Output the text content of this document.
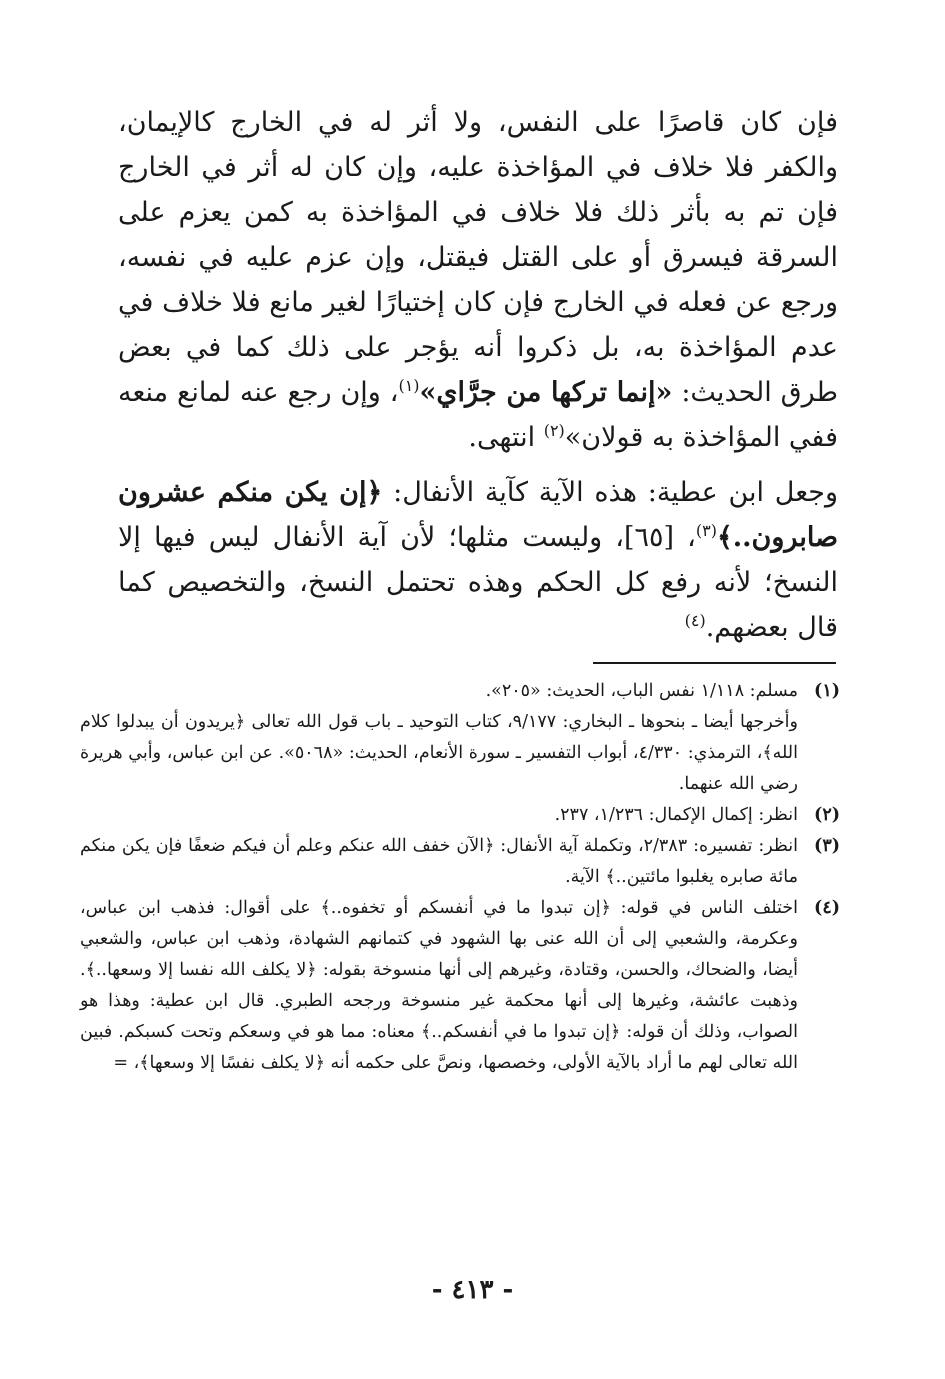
فإن كان قاصرًا على النفس، ولا أثر له في الخارج كالإيمان، والكفر فلا خلاف في المؤاخذة عليه، وإن كان له أثر في الخارج فإن تم به بأثر ذلك فلا خلاف في المؤاخذة به كمن يعزم على السرقة فيسرق أو على القتل فيقتل، وإن عزم عليه في نفسه، ورجع عن فعله في الخارج فإن كان إختيارًا لغير مانع فلا خلاف في عدم المؤاخذة به، بل ذكروا أنه يؤجر على ذلك كما في بعض طرق الحديث: «إنما تركها من جرَّاي»$^{(١)}$، وإن رجع عنه لمانع منعه ففي المؤاخذة به قولان»$^{(٢)}$ انتهى.
وجعل ابن عطية: هذه الآية كآية الأنفال: ﴿إن يكن منكم عشرون صابرون..﴾$^{(٣)}$، [٦٥]، وليست مثلها؛ لأن آية الأنفال ليس فيها إلا النسخ؛ لأنه رفع كل الحكم وهذه تحتمل النسخ، والتخصيص كما قال بعضهم.$^{(٤)}$
(١)

مسلم: ١/١١٨ نفس الباب، الحديث: «٢٠٥».

وأخرجها أيضا ـ بنحوها ـ البخاري: ٩/١٧٧، كتاب التوحيد ـ باب قول الله تعالى ﴿يريدون أن يبدلوا كلام الله﴾، الترمذي: ٤/٣٣٠، أبواب التفسير ـ سورة الأنعام، الحديث: «٥٠٦٨». عن ابن عباس، وأبي هريرة رضي الله عنهما.

(٢)

انظر: إكمال الإكمال: ١/٢٣٦، ٢٣٧.

(٣)

انظر: تفسيره: ٢/٣٨٣، وتكملة آية الأنفال: ﴿الآن خفف الله عنكم وعلم أن فيكم ضعفًا فإن يكن منكم مائة صابره يغلبوا مائتين..﴾ الآية.

(٤)

اختلف الناس في قوله: ﴿إن تبدوا ما في أنفسكم أو تخفوه..﴾ على أقوال: فذهب ابن عباس، وعكرمة، والشعبي إلى أن الله عنى بها الشهود في كتمانهم الشهادة، وذهب ابن عباس، والشعبي أيضا، والضحاك، والحسن، وقتادة، وغيرهم إلى أنها منسوخة بقوله: ﴿لا يكلف الله نفسا إلا وسعها..﴾. وذهبت عائشة، وغيرها إلى أنها محكمة غير منسوخة ورجحه الطبري. قال ابن عطية: وهذا هو الصواب، وذلك أن قوله: ﴿إن تبدوا ما في أنفسكم..﴾ معناه: مما هو في وسعكم وتحت كسبكم. فبين الله تعالى لهم ما أراد بالآية الأولى، وخصصها، ونصَّ على حكمه أنه ﴿لا يكلف نفسًا إلا وسعها﴾، =

- ٤١٣ -
